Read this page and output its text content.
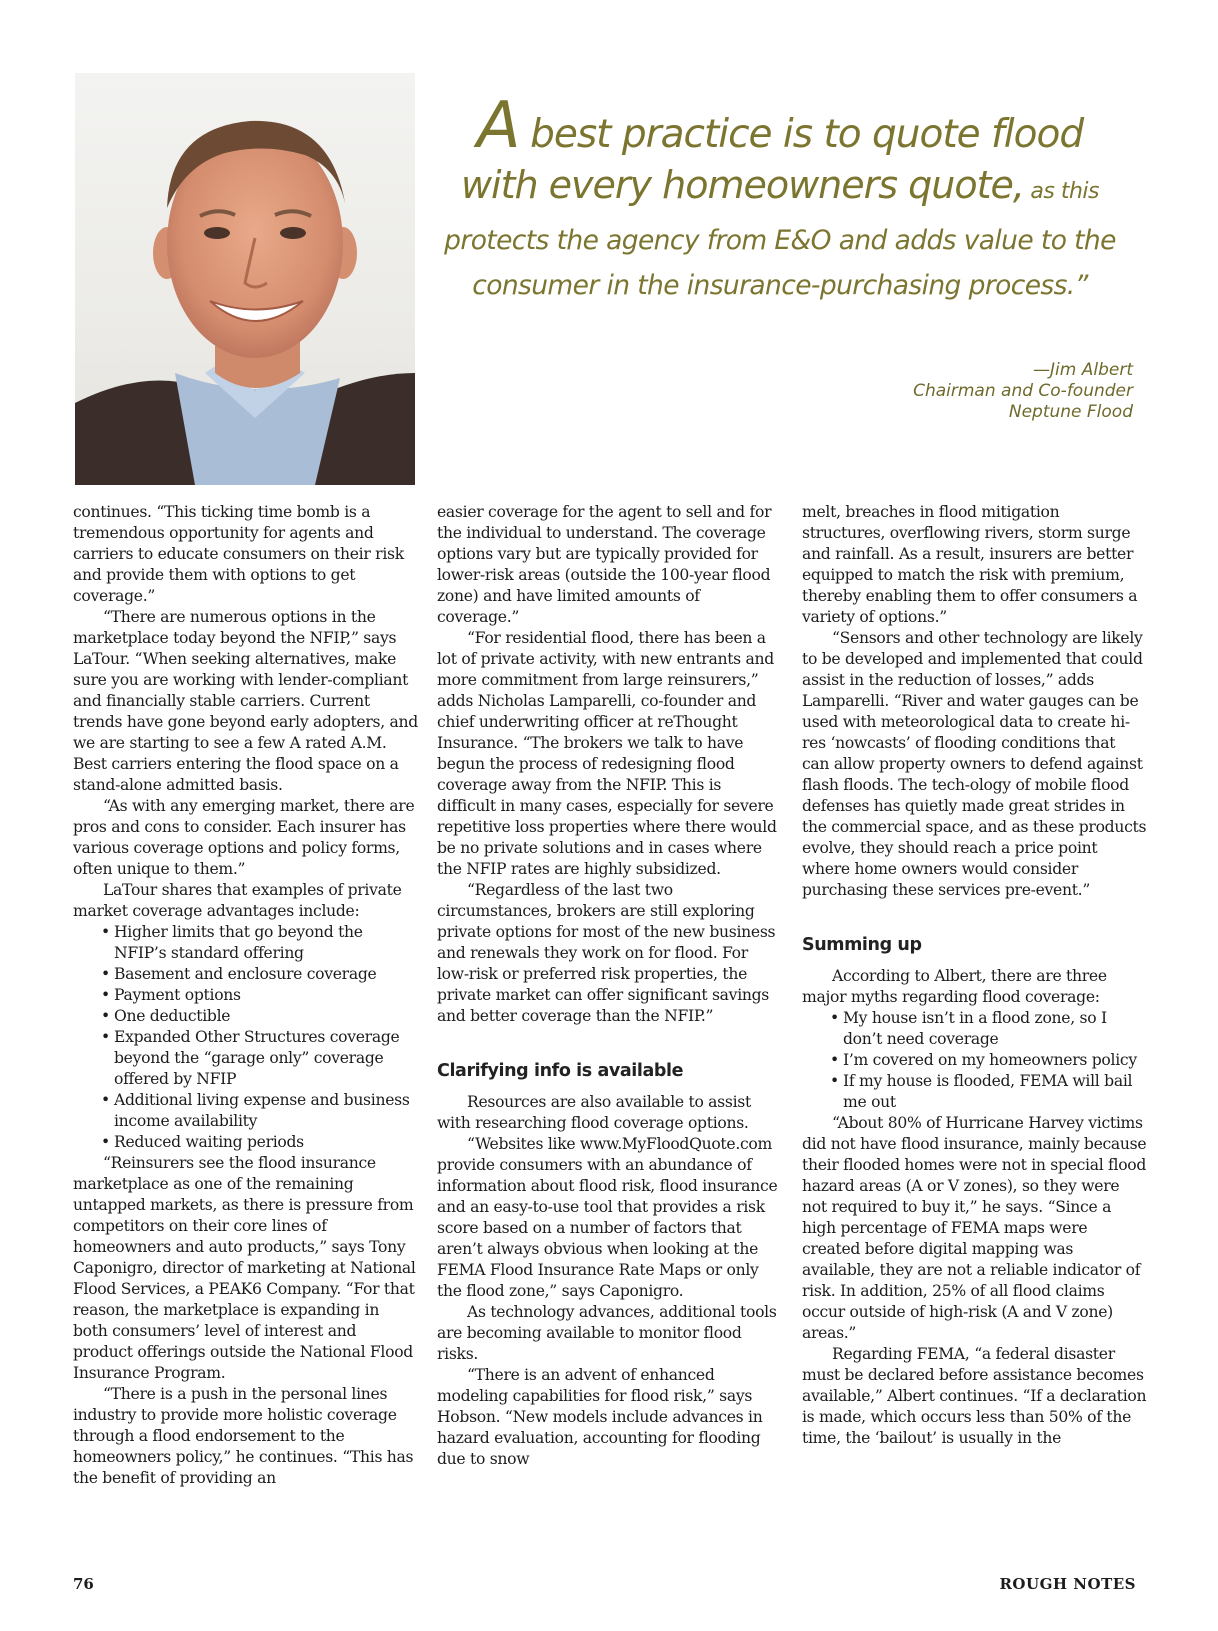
A best practice is to quote flood
with every homeowners quote, as this
protects the agency from E&O and adds value to the
consumer in the insurance-purchasing process.”
—Jim Albert
Chairman and Co-founder
Neptune Flood

continues. “This ticking time bomb is a tremendous opportunity for agents and carriers to educate consumers on their risk and provide them with options to get coverage.”

“There are numerous options in the marketplace today beyond the NFIP,” says LaTour. “When seeking alternatives, make sure you are working with lender-compliant and financially stable carriers. Current trends have gone beyond early adopters, and we are starting to see a few A rated A.M. Best carriers entering the flood space on a stand-alone admitted basis.

“As with any emerging market, there are pros and cons to consider. Each insurer has various coverage options and policy forms, often unique to them.”

LaTour shares that examples of private market coverage advantages include:

• Higher limits that go beyond the NFIP’s standard offering
• Basement and enclosure coverage
• Payment options
• One deductible
• Expanded Other Structures coverage beyond the “garage only” coverage offered by NFIP
• Additional living expense and business income availability
• Reduced waiting periods

“Reinsurers see the flood insurance marketplace as one of the remaining untapped markets, as there is pressure from competitors on their core lines of homeowners and auto products,” says Tony Caponigro, director of marketing at National Flood Services, a PEAK6 Company. “For that reason, the marketplace is expanding in both consumers’ level of interest and product offerings outside the National Flood Insurance Program.

“There is a push in the personal lines industry to provide more holistic coverage through a flood endorsement to the homeowners policy,” he continues. “This has the benefit of providing an

easier coverage for the agent to sell and for the individual to understand. The coverage options vary but are typically provided for lower-risk areas (outside the 100-year flood zone) and have limited amounts of coverage.”

“For residential flood, there has been a lot of private activity, with new entrants and more commitment from large reinsurers,” adds Nicholas Lamparelli, co-founder and chief underwriting officer at reThought Insurance. “The brokers we talk to have begun the process of redesigning flood coverage away from the NFIP. This is difficult in many cases, especially for severe repetitive loss properties where there would be no private solutions and in cases where the NFIP rates are highly subsidized.

“Regardless of the last two circumstances, brokers are still exploring private options for most of the new business and renewals they work on for flood. For low-risk or preferred risk properties, the private market can offer significant savings and better coverage than the NFIP.”

Clarifying info is available

Resources are also available to assist with researching flood coverage options.

“Websites like www.MyFloodQuote.com provide consumers with an abundance of information about flood risk, flood insurance and an easy-to-use tool that provides a risk score based on a number of factors that aren’t always obvious when looking at the FEMA Flood Insurance Rate Maps or only the flood zone,” says Caponigro.

As technology advances, additional tools are becoming available to monitor flood risks.

“There is an advent of enhanced modeling capabilities for flood risk,” says Hobson. “New models include advances in hazard evaluation, accounting for flooding due to snow

melt, breaches in flood mitigation structures, overflowing rivers, storm surge and rainfall. As a result, insurers are better equipped to match the risk with premium, thereby enabling them to offer consumers a variety of options.”

“Sensors and other technology are likely to be developed and implemented that could assist in the reduction of losses,” adds Lamparelli. “River and water gauges can be used with meteorological data to create hi-res ‘nowcasts’ of flooding conditions that can allow property owners to defend against flash floods. The tech-ology of mobile flood defenses has quietly made great strides in the commercial space, and as these products evolve, they should reach a price point where home owners would consider purchasing these services pre-event.”

Summing up

According to Albert, there are three major myths regarding flood coverage:

• My house isn’t in a flood zone, so I don’t need coverage
• I’m covered on my homeowners policy
• If my house is flooded, FEMA will bail me out

“About 80% of Hurricane Harvey victims did not have flood insurance, mainly because their flooded homes were not in special flood hazard areas (A or V zones), so they were not required to buy it,” he says. “Since a high percentage of FEMA maps were created before digital mapping was available, they are not a reliable indicator of risk. In addition, 25% of all flood claims occur outside of high-risk (A and V zone) areas.”

Regarding FEMA, “a federal disaster must be declared before assistance becomes available,” Albert continues. “If a declaration is made, which occurs less than 50% of the time, the ‘bailout’ is usually in the

76	ROUGH NOTES
